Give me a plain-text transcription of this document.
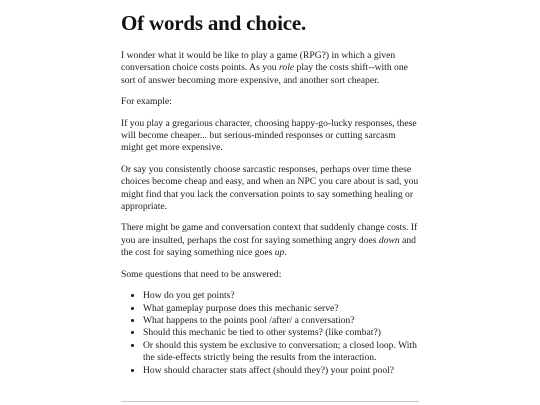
Of words and choice.

I wonder what it would be like to play a game (RPG?) in which a given conversation choice costs points. As you role play the costs shift--with one sort of answer becoming more expensive, and another sort cheaper.

For example:

If you play a gregarious character, choosing happy-go-lucky responses, these will become cheaper... but serious-minded responses or cutting sarcasm might get more expensive.

Or say you consistently choose sarcastic responses, perhaps over time these choices become cheap and easy, and when an NPC you care about is sad, you might find that you lack the conversation points to say something healing or appropriate.

There might be game and conversation context that suddenly change costs. If you are insulted, perhaps the cost for saying something angry does down and the cost for saying something nice goes up.

Some questions that need to be answered:

• How do you get points?
• What gameplay purpose does this mechanic serve?
• What happens to the points pool /after/ a conversation?
• Should this mechanic be tied to other systems? (like combat?)
• Or should this system be exclusive to conversation; a closed loop. With the side-effects strictly being the results from the interaction.
• How should character stats affect (should they?) your point pool?
